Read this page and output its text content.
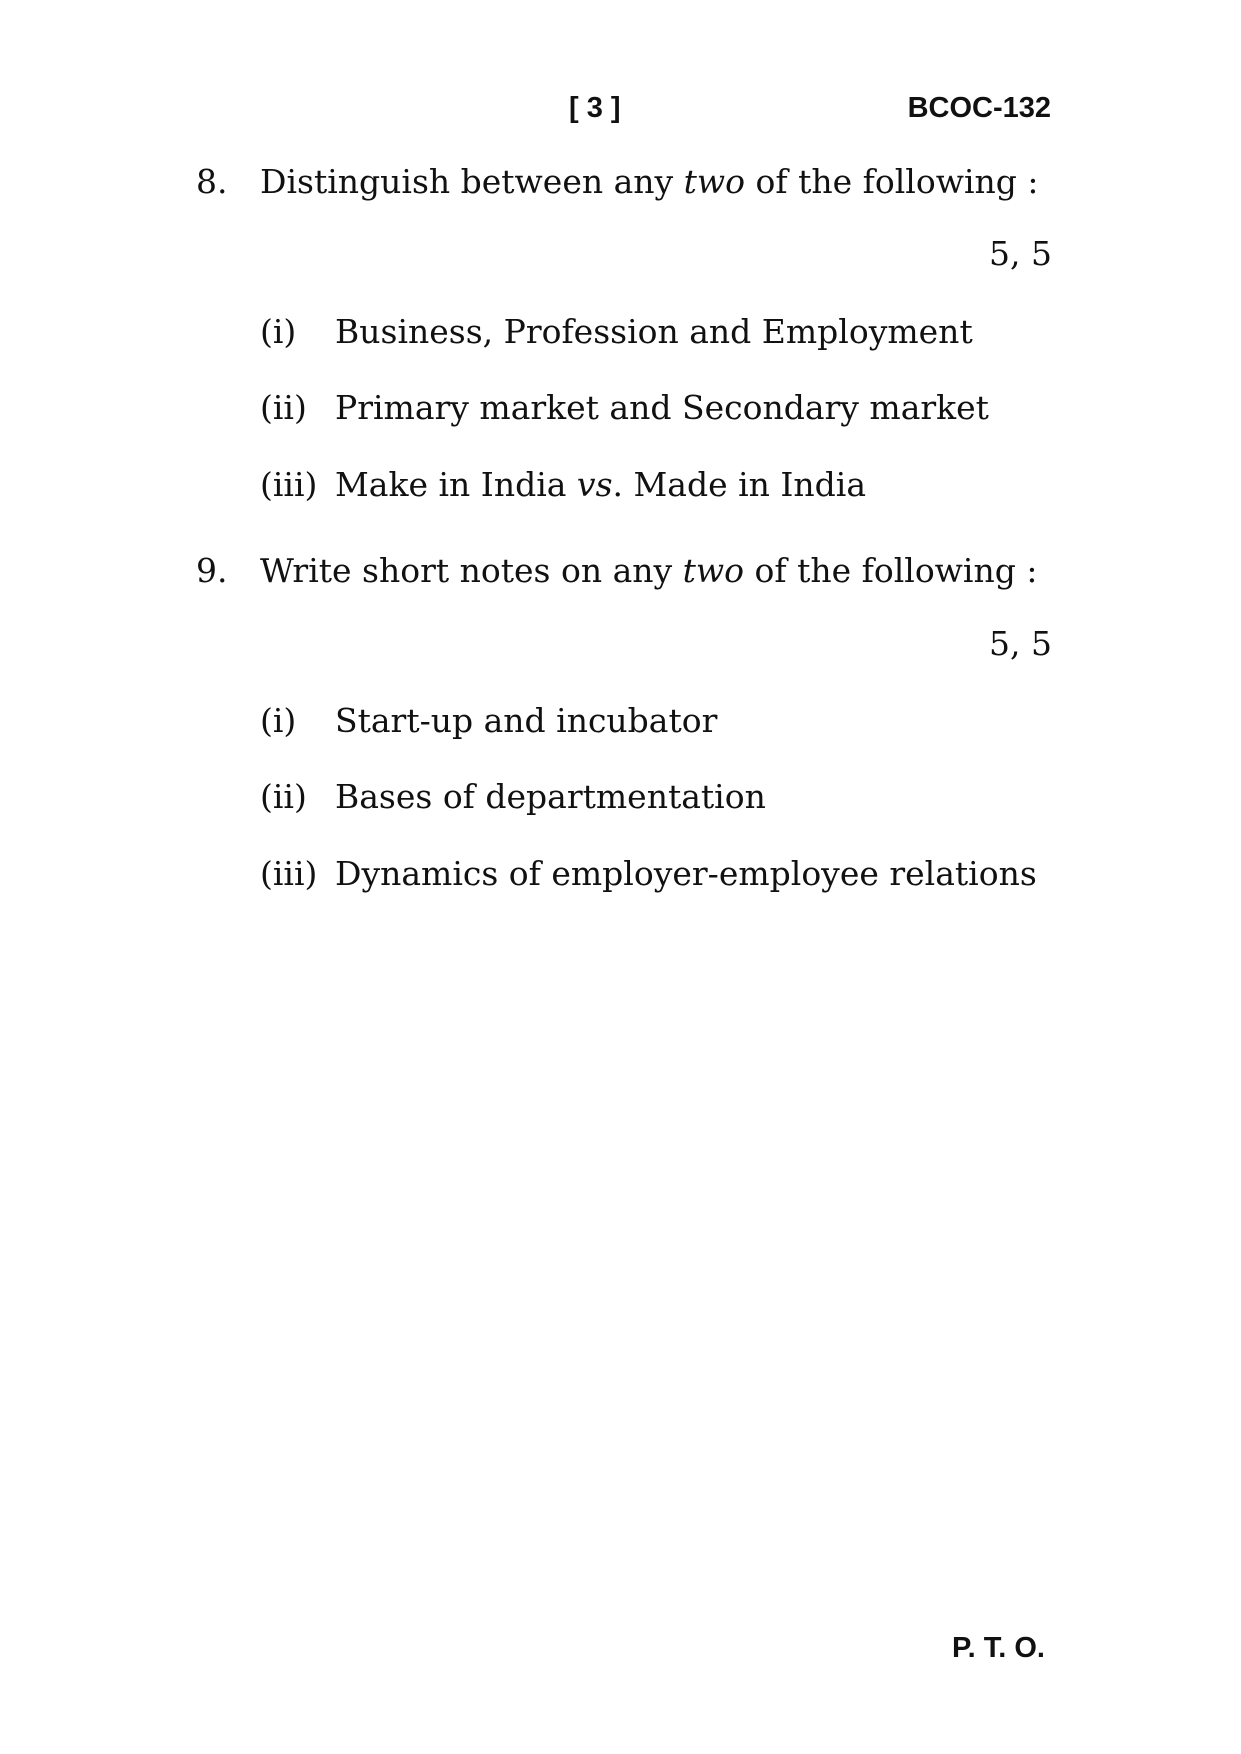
[ 3 ]	BCOC-132
8. Distinguish between any two of the following :
5, 5
(i) Business, Profession and Employment
(ii) Primary market and Secondary market
(iii) Make in India vs. Made in India
9. Write short notes on any two of the following :
5, 5
(i) Start-up and incubator
(ii) Bases of departmentation
(iii) Dynamics of employer-employee relations
P. T. O.
